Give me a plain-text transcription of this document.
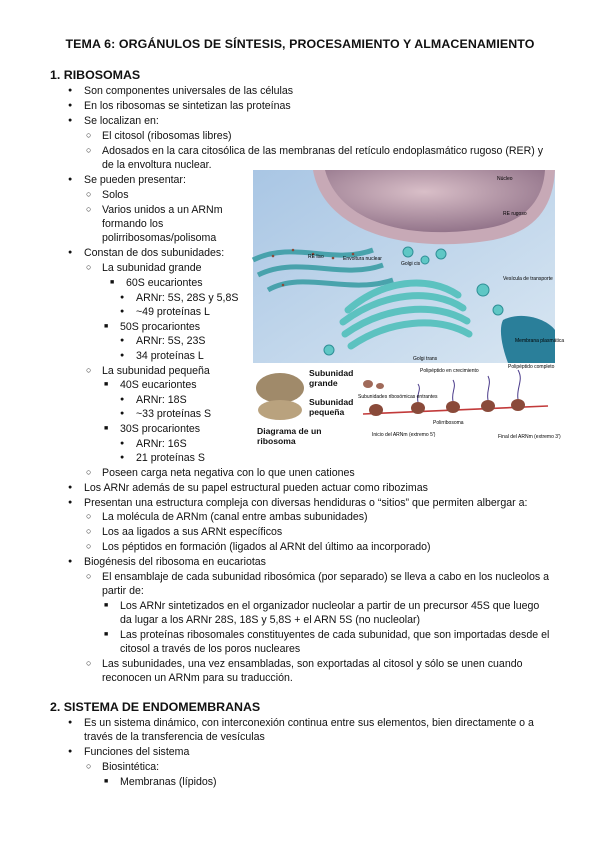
TEMA 6: ORGÁNULOS DE SÍNTESIS, PROCESAMIENTO Y ALMACENAMIENTO
1. RIBOSOMAS
● Son componentes universales de las células
● En los ribosomas se sintetizan las proteínas
● Se localizan en:
○ El citosol (ribosomas libres)
○ Adosados en la cara citosólica de las membranas del retículo endoplasmático rugoso (RER) y
de la envoltura nuclear.
● Se pueden presentar:
○ Solos
○ Varios unidos a un ARNm
formando los
polirribosomas/polisoma
● Constan de dos subunidades:
○ La subunidad grande
■ 60S eucariontes
● ARNr: 5S, 28S y 5,8S
● ~49 proteínas L
■ 50S procariontes
● ARNr: 5S, 23S
● 34 proteínas L
○ La subunidad pequeña
■ 40S eucariontes
● ARNr: 18S
● ~33 proteínas S
■ 30S procariontes
● ARNr: 16S
● 21 proteínas S
○ Poseen carga neta negativa con lo que unen cationes
● Los ARNr además de su papel estructural pueden actuar como ribozimas
● Presentan una estructura compleja con diversas hendiduras o “sitios” que permiten albergar a:
○ La molécula de ARNm (canal entre ambas subunidades)
○ Los aa ligados a sus ARNt específicos
○ Los péptidos en formación (ligados al ARNt del último aa incorporado)
● Biogénesis del ribosoma en eucariotas
○ El ensamblaje de cada subunidad ribosómica (por separado) se lleva a cabo en los nucleolos a
partir de:
■ Los ARNr sintetizados en el organizador nucleolar a partir de un precursor 45S que luego
da lugar a los ARNr 28S, 18S y 5,8S + el ARN 5S (no nucleolar)
■ Las proteínas ribosomales constituyentes de cada subunidad, que son importadas desde el
citosol a través de los poros nucleares
○ Las subunidades, una vez ensambladas, son exportadas al citosol y sólo se unen cuando
reconocen un ARNm para su traducción.
2. SISTEMA DE ENDOMEMBRANAS
● Es un sistema dinámico, con interconexión continua entre sus elementos, bien directamente o a
través de la transferencia de vesículas
● Funciones del sistema
○ Biosintética:
■ Membranas (lípidos)
Núcleo
RE rugoso
RE liso	Envoltura nuclear
Golgi cis
Vesícula de transporte
Membrana plasmática
Golgi trans
Subunidad grande
Subunidad pequeña
Diagrama de un ribosoma
Polipéptido en crecimiento
Polipéptido completo
Subunidades ribosómicas entrantes
Polirribosoma
Inicio del ARNm (extremo 5')	Final del ARNm (extremo 3')
